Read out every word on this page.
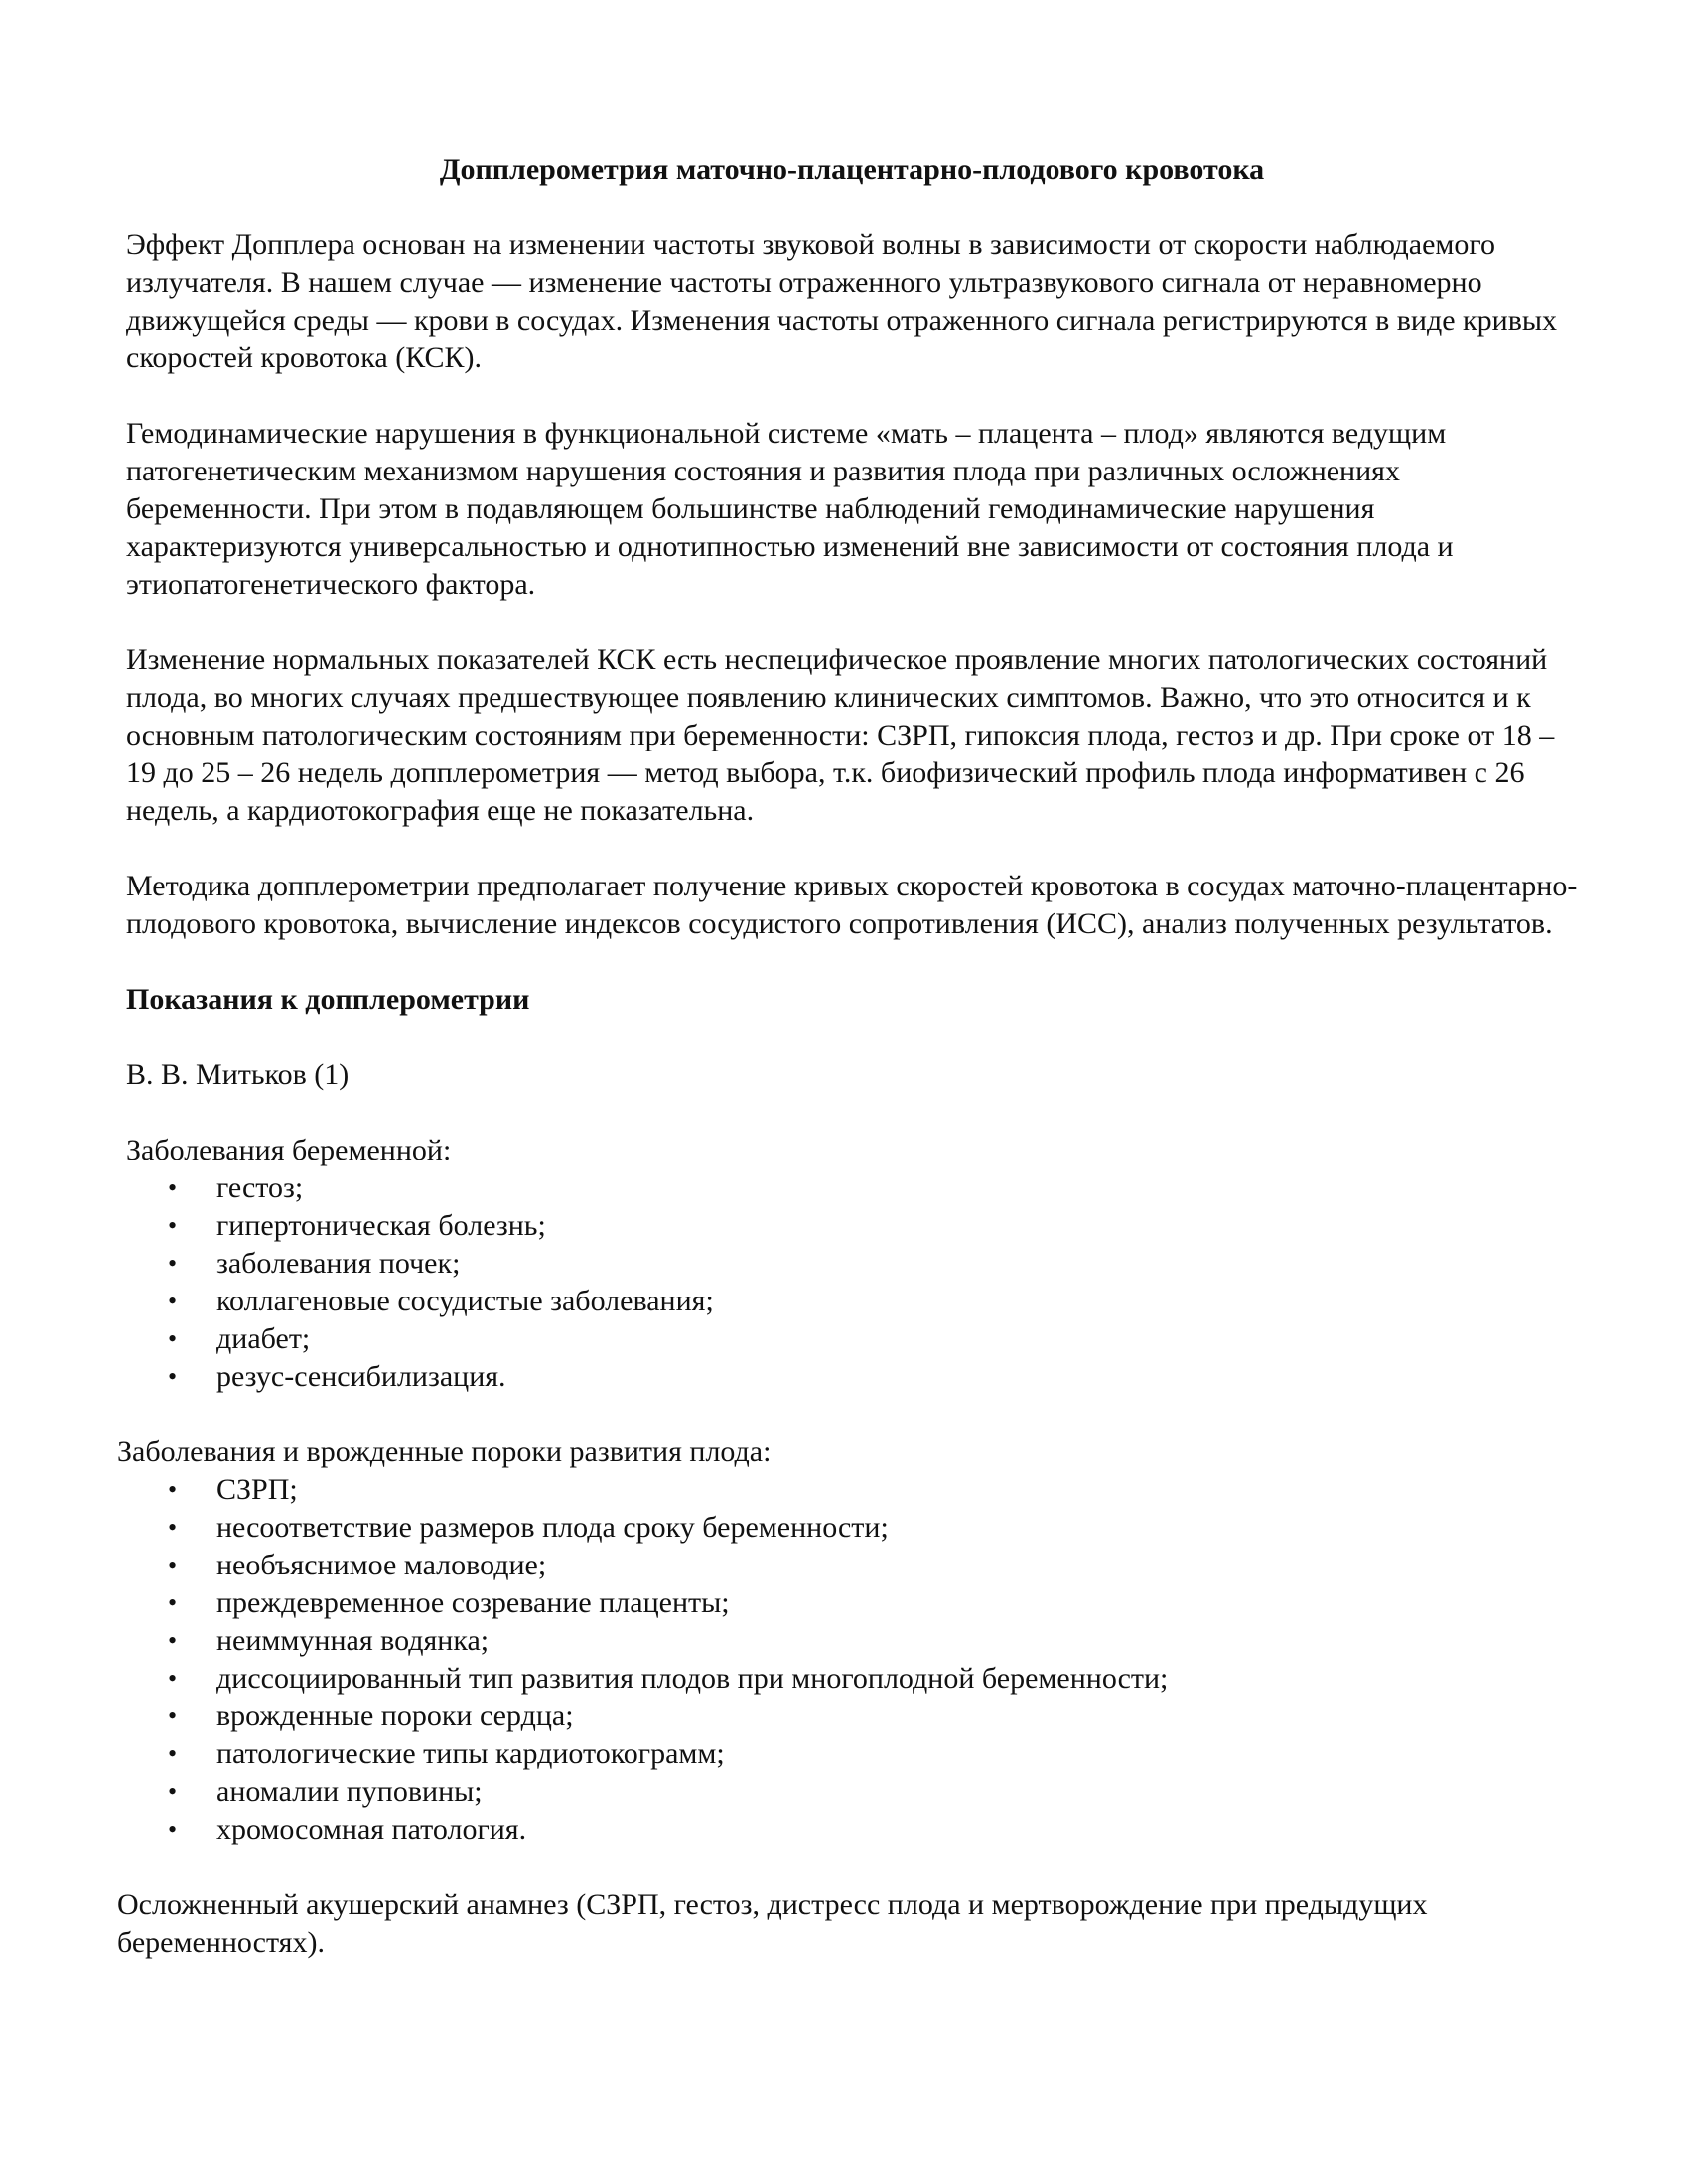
Допплерометрия маточно-плацентарно-плодового кровотока
Эффект Допплера основан на изменении частоты звуковой волны в зависимости от скорости наблюдаемого излучателя. В нашем случае — изменение частоты отраженного ультразвукового сигнала от неравномерно движущейся среды — крови в сосудах. Изменения частоты отраженного сигнала регистрируются в виде кривых скоростей кровотока (КСК).
Гемодинамические нарушения в функциональной системе «мать – плацента – плод» являются ведущим патогенетическим механизмом нарушения состояния и развития плода при различных осложнениях беременности. При этом в подавляющем большинстве наблюдений гемодинамические нарушения характеризуются универсальностью и однотипностью изменений вне зависимости от состояния плода и этиопатогенетического фактора.
Изменение нормальных показателей КСК есть неспецифическое проявление многих патологических состояний плода, во многих случаях предшествующее появлению клинических симптомов. Важно, что это относится и к основным патологическим состояниям при беременности: СЗРП, гипоксия плода, гестоз и др. При сроке от 18 – 19 до 25 – 26 недель допплерометрия — метод выбора, т.к. биофизический профиль плода информативен с 26 недель, а кардиотокография еще не показательна.
Методика допплерометрии предполагает получение кривых скоростей кровотока в сосудах маточно-плацентарно-плодового кровотока, вычисление индексов сосудистого сопротивления (ИСС), анализ полученных результатов.
Показания к допплерометрии
В. В. Митьков (1)
Заболевания беременной:
• гестоз;
• гипертоническая болезнь;
• заболевания почек;
• коллагеновые сосудистые заболевания;
• диабет;
• резус-сенсибилизация.
Заболевания и врожденные пороки развития плода:
• СЗРП;
• несоответствие размеров плода сроку беременности;
• необъяснимое маловодие;
• преждевременное созревание плаценты;
• неиммунная водянка;
• диссоциированный тип развития плодов при многоплодной беременности;
• врожденные пороки сердца;
• патологические типы кардиотокограмм;
• аномалии пуповины;
• хромосомная патология.
Осложненный акушерский анамнез (СЗРП, гестоз, дистресс плода и мертворождение при предыдущих беременностях).
